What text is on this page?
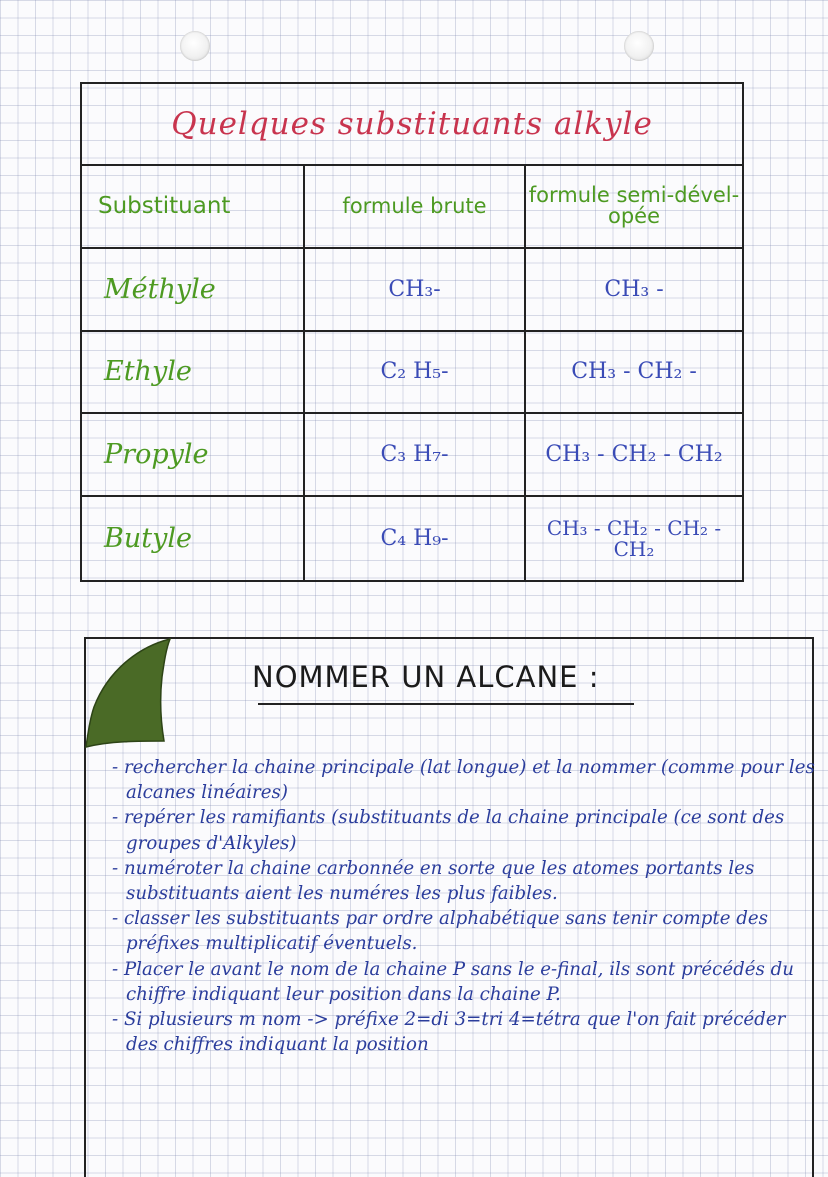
Quelques substituants alkyle
Substituant	formule brute	formule semi-dével-opée
Méthyle	CH₃-	CH₃ -
Ethyle	C₂ H₅-	CH₃ - CH₂ -
Propyle	C₃ H₇-	CH₃ - CH₂ - CH₂
Butyle	C₄ H₉-	CH₃ - CH₂ - CH₂ - CH₂
NOMMER UN ALCANE :
- rechercher la chaine principale (lat longue) et la nommer (comme pour les alcanes linéaires)
- repérer les ramifiants (substituants de la chaine principale (ce sont des groupes d'Alkyles)
- numéroter la chaine carbonnée en sorte que les atomes portants les substituants aient les numéres les plus faibles.
- classer les substituants par ordre alphabétique sans tenir compte des préfixes multiplicatif éventuels.
- Placer le avant le nom de la chaine P sans le e-final, ils sont précédés du chiffre indiquant leur position dans la chaine P.
- Si plusieurs m nom -> préfixe 2=di 3=tri 4=tétra que l'on fait précéder des chiffres indiquant la position
